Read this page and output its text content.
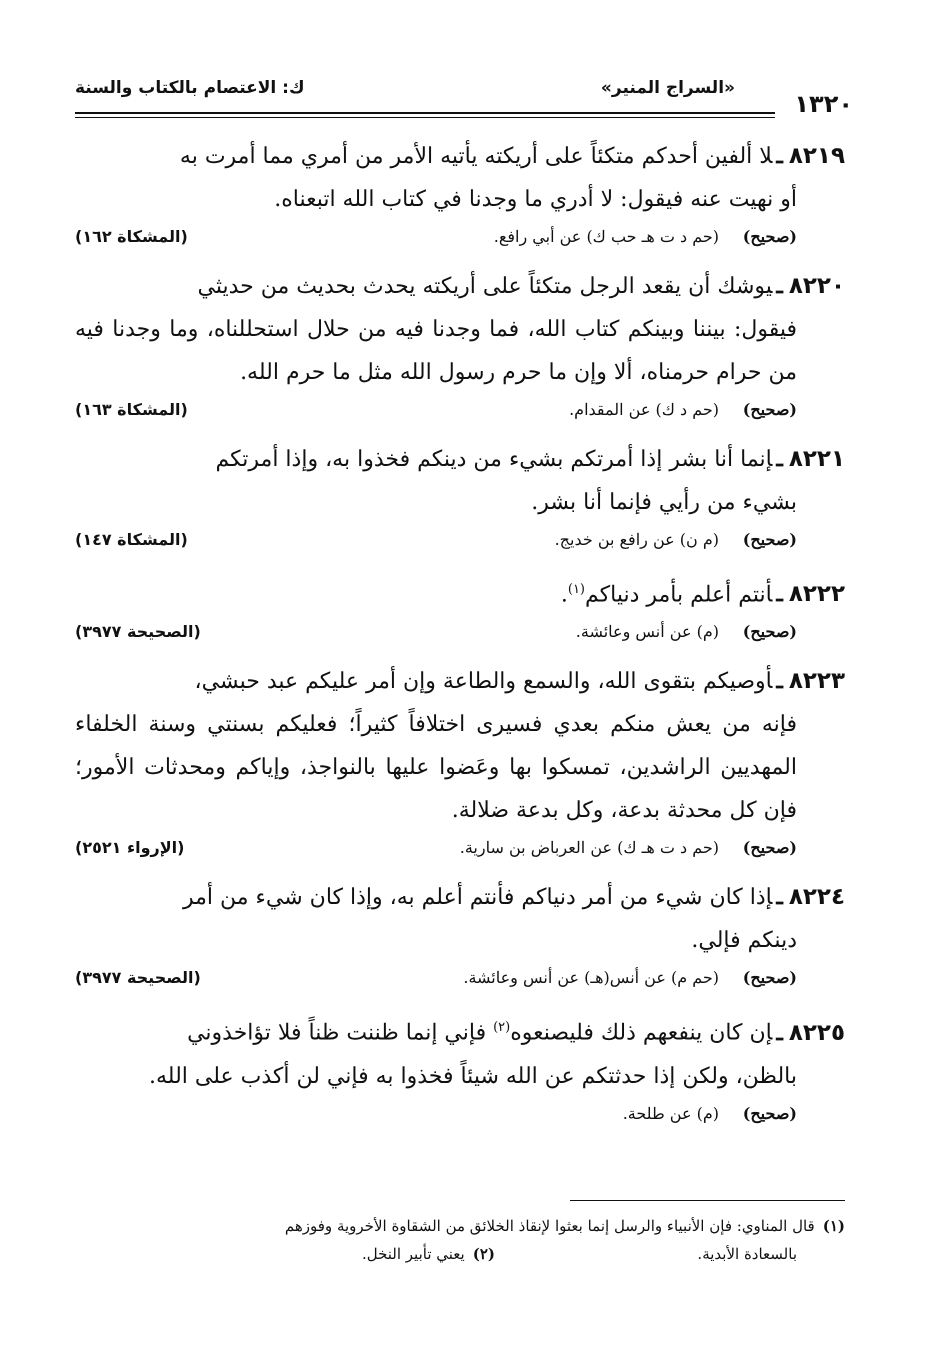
«السراج المنير»
ك: الاعتصام بالكتاب والسنة
١٣٢٠
٨٢١٩ـلا ألفين أحدكم متكئاً على أريكته يأتيه الأمر من أمري مما أمرت به
أو نهيت عنه فيقول: لا أدري ما وجدنا في كتاب الله اتبعناه.
(صحيح)
(حم د ت هـ حب ك) عن أبي رافع.
(المشكاة ١٦٢)
٨٢٢٠ـيوشك أن يقعد الرجل متكئاً على أريكته يحدث بحديث من حديثي
فيقول: بيننا وبينكم كتاب الله، فما وجدنا فيه من حلال استحللناه، وما وجدنا فيه من حرام حرمناه، ألا وإن ما حرم رسول الله مثل ما حرم الله.
(صحيح)
(حم د ك) عن المقدام.
(المشكاة ١٦٣)
٨٢٢١ـإنما أنا بشر إذا أمرتكم بشيء من دينكم فخذوا به، وإذا أمرتكم
بشيء من رأيي فإنما أنا بشر.
(صحيح)
(م ن) عن رافع بن خديج.
(المشكاة ١٤٧)
٨٢٢٢ـأنتم أعلم بأمر دنياكم$^{(١)}$.
(صحيح)
(م) عن أنس وعائشة.
(الصحيحة ٣٩٧٧)
٨٢٢٣ـأوصيكم بتقوى الله، والسمع والطاعة وإن أمر عليكم عبد حبشي،
فإنه من يعش منكم بعدي فسيرى اختلافاً كثيراً؛ فعليكم بسنتي وسنة الخلفاء المهديين الراشدين، تمسكوا بها وعَضوا عليها بالنواجذ، وإياكم ومحدثات الأمور؛ فإن كل محدثة بدعة، وكل بدعة ضلالة.
(صحيح)
(حم د ت هـ ك) عن العرباض بن سارية.
(الإرواء ٢٥٢١)
٨٢٢٤ـإذا كان شيء من أمر دنياكم فأنتم أعلم به، وإذا كان شيء من أمر
دينكم فإلي.
(صحيح)
(حم م) عن أنس(هـ) عن أنس وعائشة.
(الصحيحة ٣٩٧٧)
٨٢٢٥ـإن كان ينفعهم ذلك فليصنعوه$^{(٢)}$ فإني إنما ظننت ظناً فلا تؤاخذوني
بالظن، ولكن إذا حدثتكم عن الله شيئاً فخذوا به فإني لن أكذب على الله.
(صحيح)
(م) عن طلحة.
(١)قال المناوي: فإن الأنبياء والرسل إنما بعثوا لإنقاذ الخلائق من الشقاوة الأخروية وفوزهم
بالسعادة الأبدية.
(٢)يعني تأبير النخل.
